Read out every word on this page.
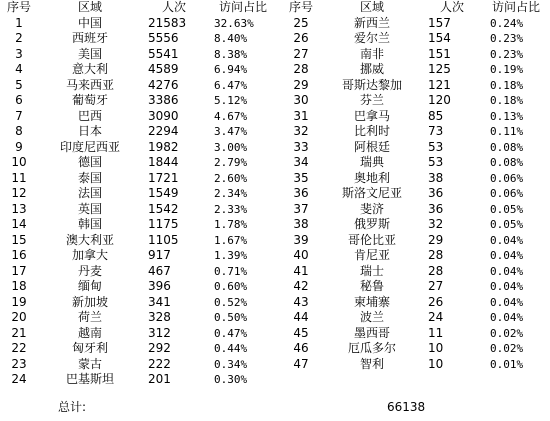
序号	区域	人次	访问占比	序号	区域	人次	访问占比
1	中国	21583	32.63%	25	新西兰	157	0.24%
2	西班牙	5556	8.40%	26	爱尔兰	154	0.23%
3	美国	5541	8.38%	27	南非	151	0.23%
4	意大利	4589	6.94%	28	挪威	125	0.19%
5	马来西亚	4276	6.47%	29	哥斯达黎加	121	0.18%
6	葡萄牙	3386	5.12%	30	芬兰	120	0.18%
7	巴西	3090	4.67%	31	巴拿马	85	0.13%
8	日本	2294	3.47%	32	比利时	73	0.11%
9	印度尼西亚	1982	3.00%	33	阿根廷	53	0.08%
10	德国	1844	2.79%	34	瑞典	53	0.08%
11	泰国	1721	2.60%	35	奥地利	38	0.06%
12	法国	1549	2.34%	36	斯洛文尼亚	36	0.06%
13	英国	1542	2.33%	37	斐济	36	0.05%
14	韩国	1175	1.78%	38	俄罗斯	32	0.05%
15	澳大利亚	1105	1.67%	39	哥伦比亚	29	0.04%
16	加拿大	917	1.39%	40	肯尼亚	28	0.04%
17	丹麦	467	0.71%	41	瑞士	28	0.04%
18	缅甸	396	0.60%	42	秘鲁	27	0.04%
19	新加坡	341	0.52%	43	柬埔寨	26	0.04%
20	荷兰	328	0.50%	44	波兰	24	0.04%
21	越南	312	0.47%	45	墨西哥	11	0.02%
22	匈牙利	292	0.44%	46	厄瓜多尔	10	0.02%
23	蒙古	222	0.34%	47	智利	10	0.01%
24	巴基斯坦	201	0.30%				
总计:	66138
